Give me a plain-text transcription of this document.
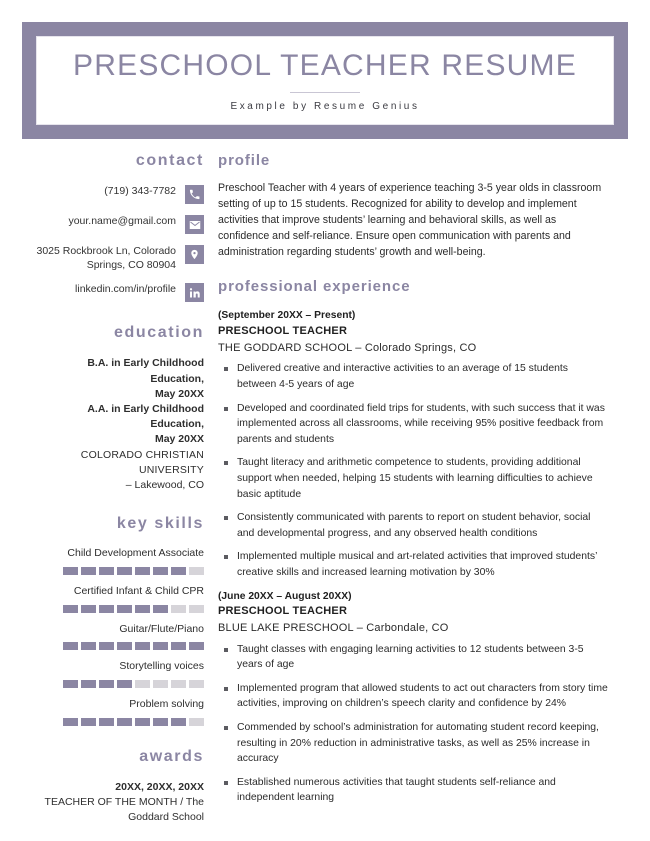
PRESCHOOL TEACHER RESUME
Example by Resume Genius
contact
(719) 343-7782
your.name@gmail.com
3025 Rockbrook Ln, Colorado Springs, CO 80904
linkedin.com/in/profile
education
B.A. in Early Childhood Education,
May 20XX
A.A. in Early Childhood Education,
May 20XX
COLORADO CHRISTIAN
UNIVERSITY
– Lakewood, CO
key skills
Child Development Associate
Certified Infant & Child CPR
Guitar/Flute/Piano
Storytelling voices
Problem solving
awards
20XX, 20XX, 20XX
TEACHER OF THE MONTH / The
Goddard School
profile
Preschool Teacher with 4 years of experience teaching 3-5 year olds in classroom setting of up to 15 students. Recognized for ability to develop and implement activities that improve students’ learning and behavioral skills, as well as confidence and self-reliance. Ensure open communication with parents and administration regarding students’ growth and well-being.
professional experience
(September 20XX – Present)
PRESCHOOL TEACHER
THE GODDARD SCHOOL – Colorado Springs, CO
Delivered creative and interactive activities to an average of 15 students between 4-5 years of age
Developed and coordinated field trips for students, with such success that it was implemented across all classrooms, while receiving 95% positive feedback from parents and students
Taught literacy and arithmetic competence to students, providing additional support when needed, helping 15 students with learning difficulties to achieve basic aptitude
Consistently communicated with parents to report on student behavior, social and developmental progress, and any observed health conditions
Implemented multiple musical and art-related activities that improved students’ creative skills and increased learning motivation by 30%
(June 20XX – August 20XX)
PRESCHOOL TEACHER
BLUE LAKE PRESCHOOL – Carbondale, CO
Taught classes with engaging learning activities to 12 students between 3-5 years of age
Implemented program that allowed students to act out characters from story time activities, improving on children’s speech clarity and confidence by 24%
Commended by school’s administration for automating student record keeping, resulting in 20% reduction in administrative tasks, as well as 25% increase in accuracy
Established numerous activities that taught students self-reliance and independent learning
